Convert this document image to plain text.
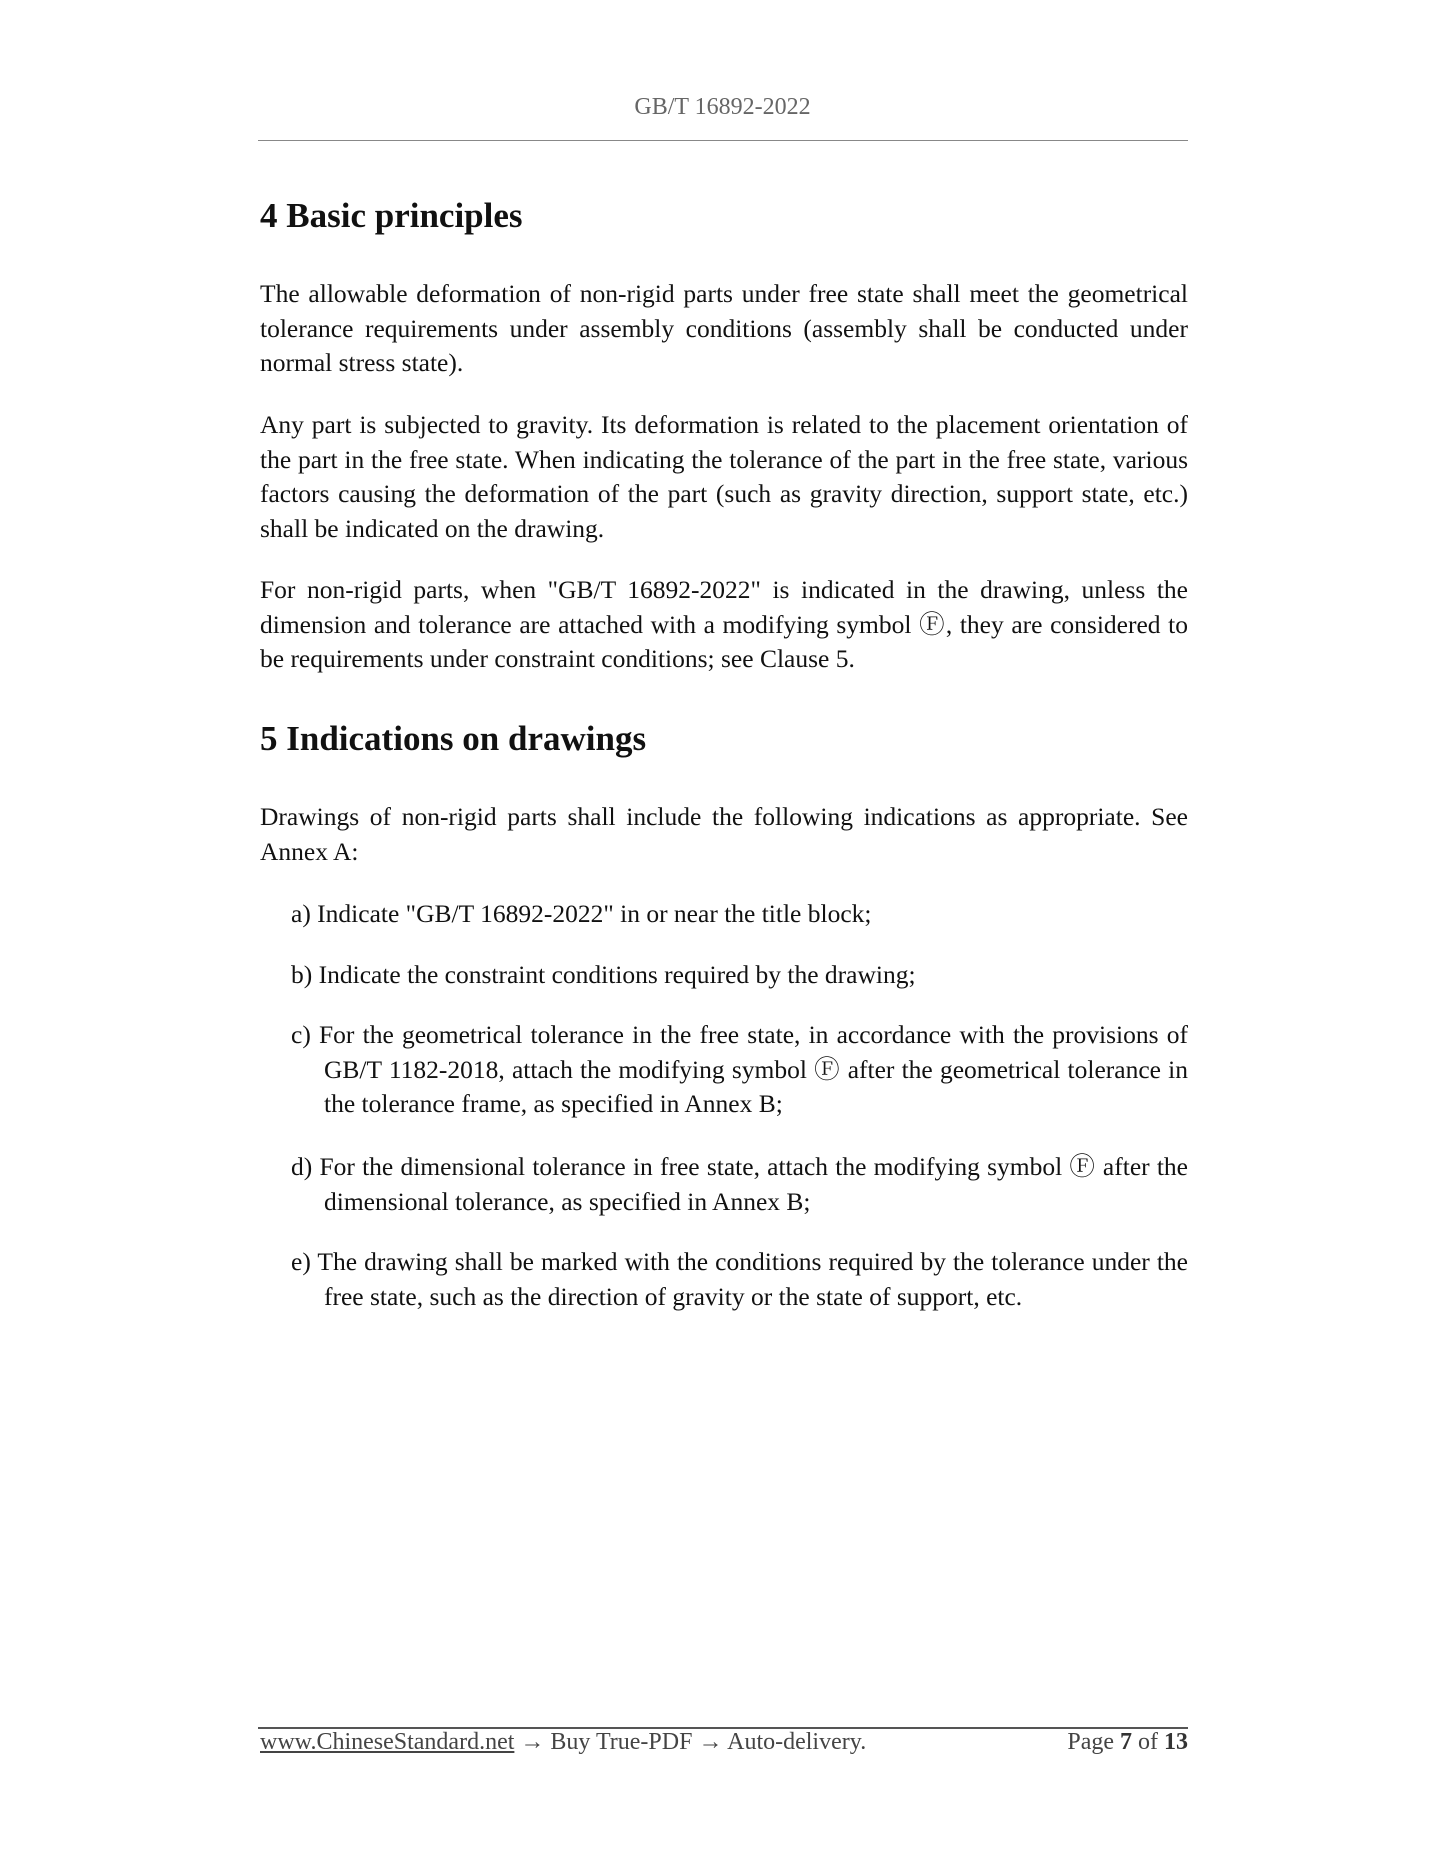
GB/T 16892-2022
4 Basic principles

The allowable deformation of non-rigid parts under free state shall meet the geometrical tolerance requirements under assembly conditions (assembly shall be conducted under normal stress state).

Any part is subjected to gravity. Its deformation is related to the placement orientation of the part in the free state. When indicating the tolerance of the part in the free state, various factors causing the deformation of the part (such as gravity direction, support state, etc.) shall be indicated on the drawing.

For non-rigid parts, when "GB/T 16892-2022" is indicated in the drawing, unless the dimension and tolerance are attached with a modifying symbol Ⓕ, they are considered to be requirements under constraint conditions; see Clause 5.

5 Indications on drawings

Drawings of non-rigid parts shall include the following indications as appropriate. See Annex A:

a) Indicate "GB/T 16892-2022" in or near the title block;

b) Indicate the constraint conditions required by the drawing;

c) For the geometrical tolerance in the free state, in accordance with the provisions of GB/T 1182-2018, attach the modifying symbol Ⓕ after the geometrical tolerance in the tolerance frame, as specified in Annex B;

d) For the dimensional tolerance in free state, attach the modifying symbol Ⓕ after the dimensional tolerance, as specified in Annex B;

e) The drawing shall be marked with the conditions required by the tolerance under the free state, such as the direction of gravity or the state of support, etc.

www.ChineseStandard.net → Buy True-PDF → Auto-delivery.	Page 7 of 13
